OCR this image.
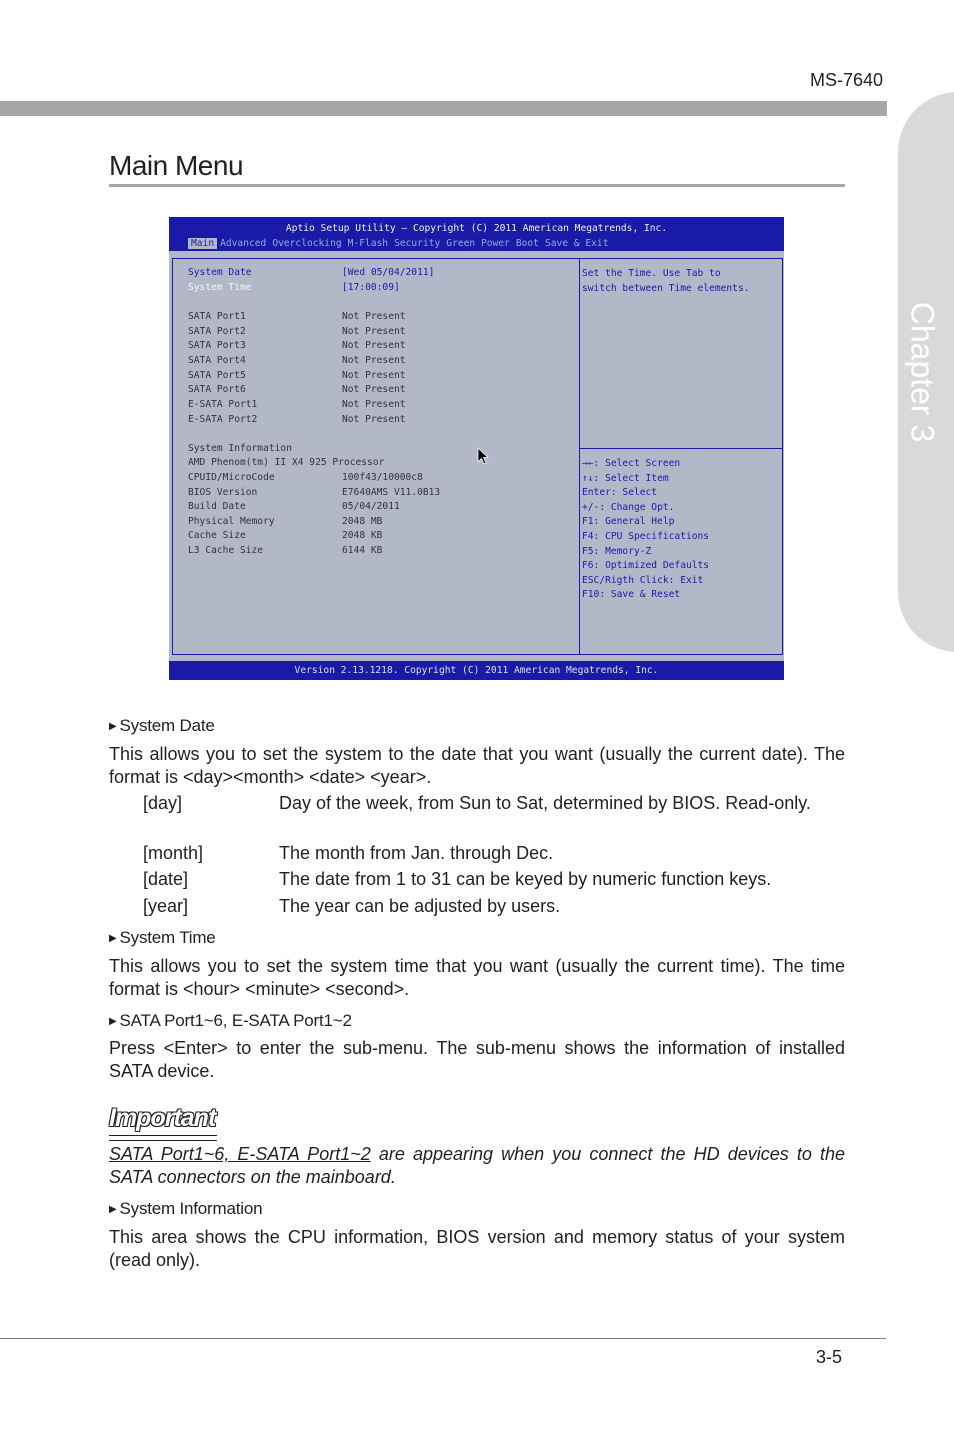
MS-7640
Chapter 3
Main Menu
Aptio Setup Utility – Copyright (C) 2011 American Megatrends, Inc.
Main Advanced Overclocking M-Flash Security Green Power Boot Save & Exit
System Date	[Wed 05/04/2011]
System Time	[17:00:09]
SATA Port1	Not Present
SATA Port2	Not Present
SATA Port3	Not Present
SATA Port4	Not Present
SATA Port5	Not Present
SATA Port6	Not Present
E-SATA Port1	Not Present
E-SATA Port2	Not Present
System Information
AMD Phenom(tm) II X4 925 Processor
CPUID/MicroCode	100f43/10000c8
BIOS Version	E7640AMS V11.0B13
Build Date	05/04/2011
Physical Memory	2048 MB
Cache Size	2048 KB
L3 Cache Size	6144 KB
Set the Time. Use Tab to
switch between Time elements.
→←: Select Screen
↑↓: Select Item
Enter: Select
+/-: Change Opt.
F1: General Help
F4: CPU Specifications
F5: Memory-Z
F6: Optimized Defaults
ESC/Rigth Click: Exit
F10: Save & Reset
Version 2.13.1218. Copyright (C) 2011 American Megatrends, Inc.
▶ System Date
This allows you to set the system to the date that you want (usually the current date). The format is <day><month> <date> <year>.
[day]	Day of the week, from Sun to Sat, determined by BIOS. Read-only.
[month]	The month from Jan. through Dec.
[date]	The date from 1 to 31 can be keyed by numeric function keys.
[year]	The year can be adjusted by users.
▶ System Time
This allows you to set the system time that you want (usually the current time). The time format is <hour> <minute> <second>.
▶ SATA Port1~6, E-SATA Port1~2
Press <Enter> to enter the sub-menu. The sub-menu shows the information of installed SATA device.
Important
SATA Port1~6, E-SATA Port1~2 are appearing when you connect the HD devices to the SATA connectors on the mainboard.
▶ System Information
This area shows the CPU information, BIOS version and memory status of your system (read only).
3-5
